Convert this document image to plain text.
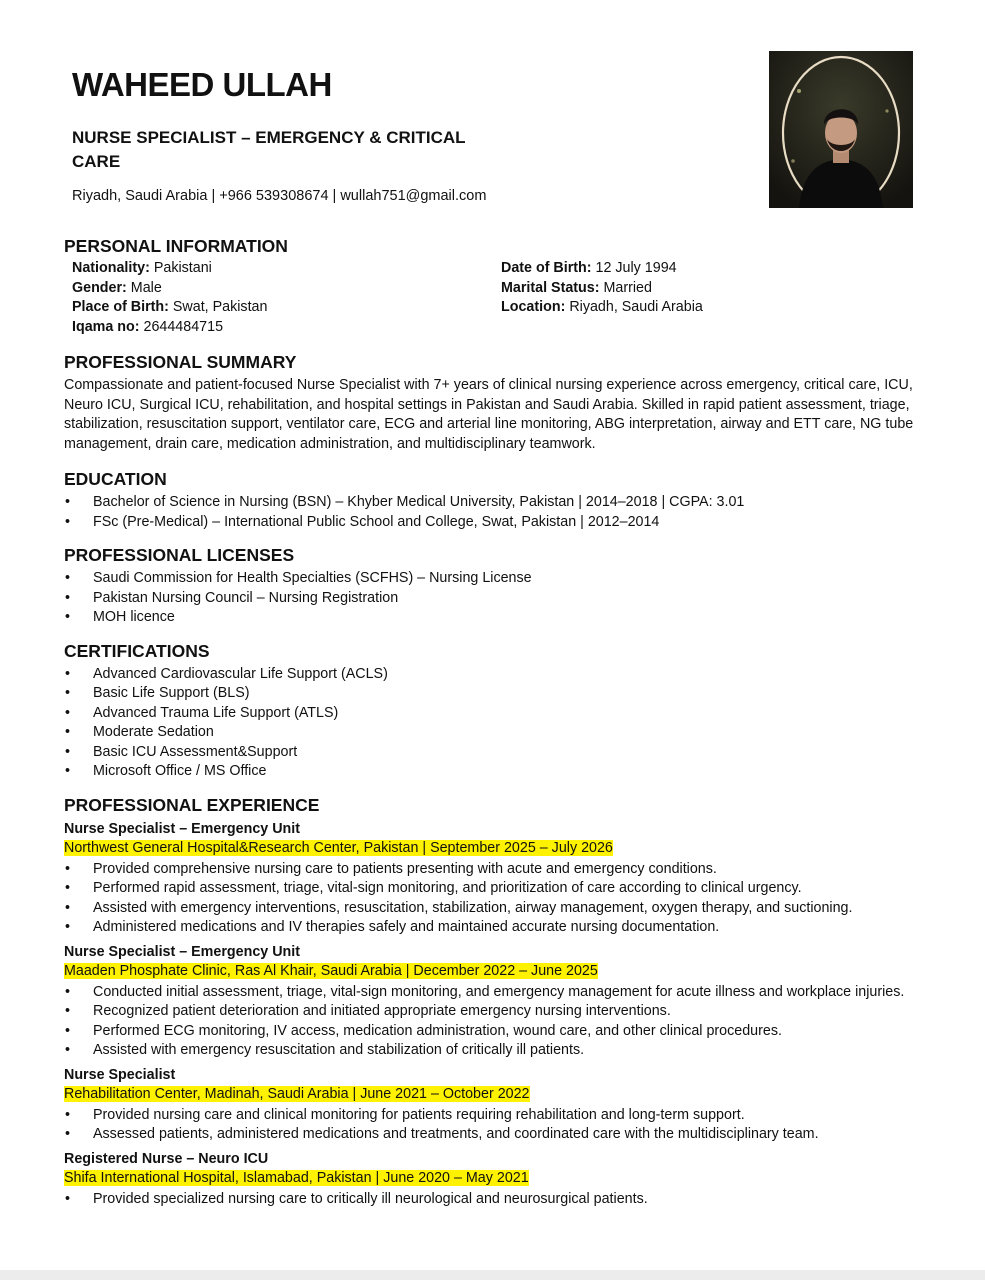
WAHEED ULLAH

NURSE SPECIALIST – EMERGENCY & CRITICAL CARE

Riyadh, Saudi Arabia | +966 539308674 | wullah751@gmail.com

PERSONAL INFORMATION
Nationality: Pakistani
Gender: Male
Place of Birth: Swat, Pakistan
Iqama no: 2644484715
Date of Birth: 12 July 1994
Marital Status: Married
Location: Riyadh, Saudi Arabia
PROFESSIONAL SUMMARY

Compassionate and patient-focused Nurse Specialist with 7+ years of clinical nursing experience across emergency, critical care, ICU, Neuro ICU, Surgical ICU, rehabilitation, and hospital settings in Pakistan and Saudi Arabia. Skilled in rapid patient assessment, triage, stabilization, resuscitation support, ventilator care, ECG and arterial line monitoring, ABG interpretation, airway and ETT care, NG tube management, drain care, medication administration, and multidisciplinary teamwork.

EDUCATION
• Bachelor of Science in Nursing (BSN) – Khyber Medical University, Pakistan | 2014–2018 | CGPA: 3.01
• FSc (Pre-Medical) – International Public School and College, Swat, Pakistan | 2012–2014
PROFESSIONAL LICENSES
• Saudi Commission for Health Specialties (SCFHS) – Nursing License
• Pakistan Nursing Council – Nursing Registration
• MOH licence
CERTIFICATIONS
• Advanced Cardiovascular Life Support (ACLS)
• Basic Life Support (BLS)
• Advanced Trauma Life Support (ATLS)
• Moderate Sedation
• Basic ICU Assessment&Support
• Microsoft Office / MS Office
PROFESSIONAL EXPERIENCE

Nurse Specialist – Emergency Unit

Northwest General Hospital&Research Center, Pakistan | September 2025 – July 2026

• Provided comprehensive nursing care to patients presenting with acute and emergency conditions.
• Performed rapid assessment, triage, vital-sign monitoring, and prioritization of care according to clinical urgency.
• Assisted with emergency interventions, resuscitation, stabilization, airway management, oxygen therapy, and suctioning.
• Administered medications and IV therapies safely and maintained accurate nursing documentation.

Nurse Specialist – Emergency Unit

Maaden Phosphate Clinic, Ras Al Khair, Saudi Arabia | December 2022 – June 2025

• Conducted initial assessment, triage, vital-sign monitoring, and emergency management for acute illness and workplace injuries.
• Recognized patient deterioration and initiated appropriate emergency nursing interventions.
• Performed ECG monitoring, IV access, medication administration, wound care, and other clinical procedures.
• Assisted with emergency resuscitation and stabilization of critically ill patients.

Nurse Specialist

Rehabilitation Center, Madinah, Saudi Arabia | June 2021 – October 2022

• Provided nursing care and clinical monitoring for patients requiring rehabilitation and long-term support.
• Assessed patients, administered medications and treatments, and coordinated care with the multidisciplinary team.

Registered Nurse – Neuro ICU

Shifa International Hospital, Islamabad, Pakistan | June 2020 – May 2021

• Provided specialized nursing care to critically ill neurological and neurosurgical patients.
